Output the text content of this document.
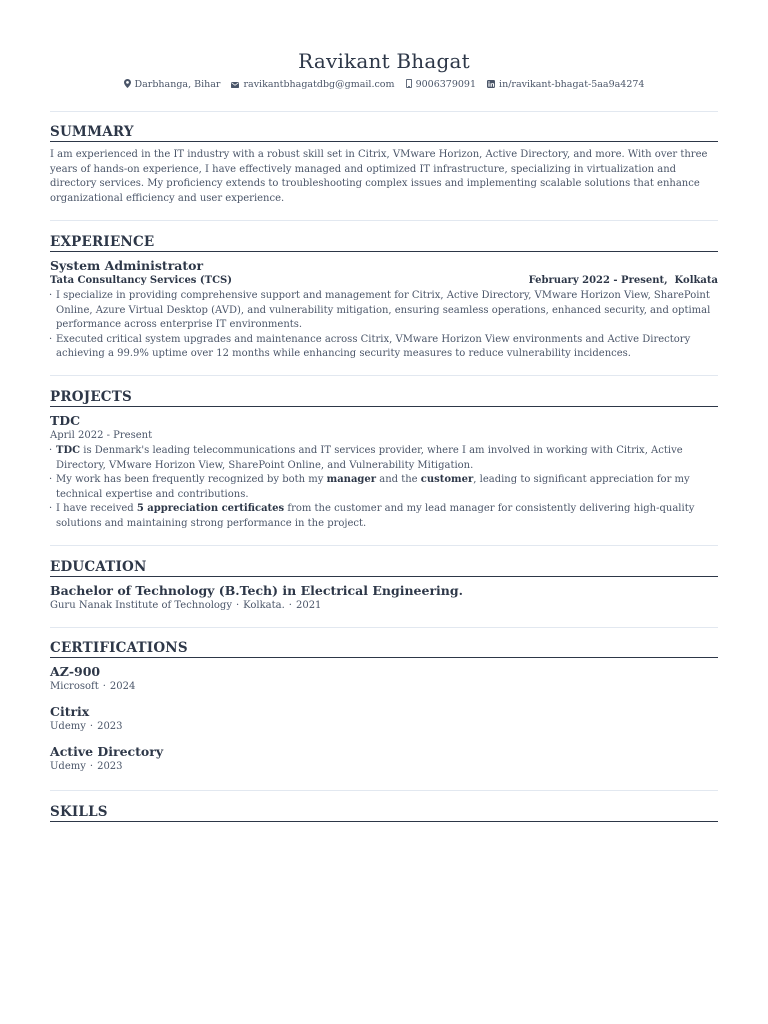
Ravikant Bhagat
Darbhanga, Bihar ravikantbhagatdbg@gmail.com 9006379091 in/ravikant-bhagat-5aa9a4274
SUMMARY

I am experienced in the IT industry with a robust skill set in Citrix, VMware Horizon, Active Directory, and more. With over three years of hands-on experience, I have effectively managed and optimized IT infrastructure, specializing in virtualization and directory services. My proficiency extends to troubleshooting complex issues and implementing scalable solutions that enhance organizational efficiency and user experience.

EXPERIENCE
System Administrator
Tata Consultancy Services (TCS)	February 2022 - Present,  Kolkata
· I specialize in providing comprehensive support and management for Citrix, Active Directory, VMware Horizon View, SharePoint Online, Azure Virtual Desktop (AVD), and vulnerability mitigation, ensuring seamless operations, enhanced security, and optimal performance across enterprise IT environments.
· Executed critical system upgrades and maintenance across Citrix, VMware Horizon View environments and Active Directory achieving a 99.9% uptime over 12 months while enhancing security measures to reduce vulnerability incidences.
PROJECTS
TDC
April 2022 - Present
· TDC is Denmark's leading telecommunications and IT services provider, where I am involved in working with Citrix, Active Directory, VMware Horizon View, SharePoint Online, and Vulnerability Mitigation.
· My work has been frequently recognized by both my manager and the customer, leading to significant appreciation for my technical expertise and contributions.
· I have received 5 appreciation certificates from the customer and my lead manager for consistently delivering high-quality solutions and maintaining strong performance in the project.
EDUCATION
Bachelor of Technology (B.Tech) in Electrical Engineering.
Guru Nanak Institute of Technology · Kolkata. · 2021
CERTIFICATIONS
AZ-900
Microsoft · 2024
Citrix
Udemy · 2023
Active Directory
Udemy · 2023
SKILLS
